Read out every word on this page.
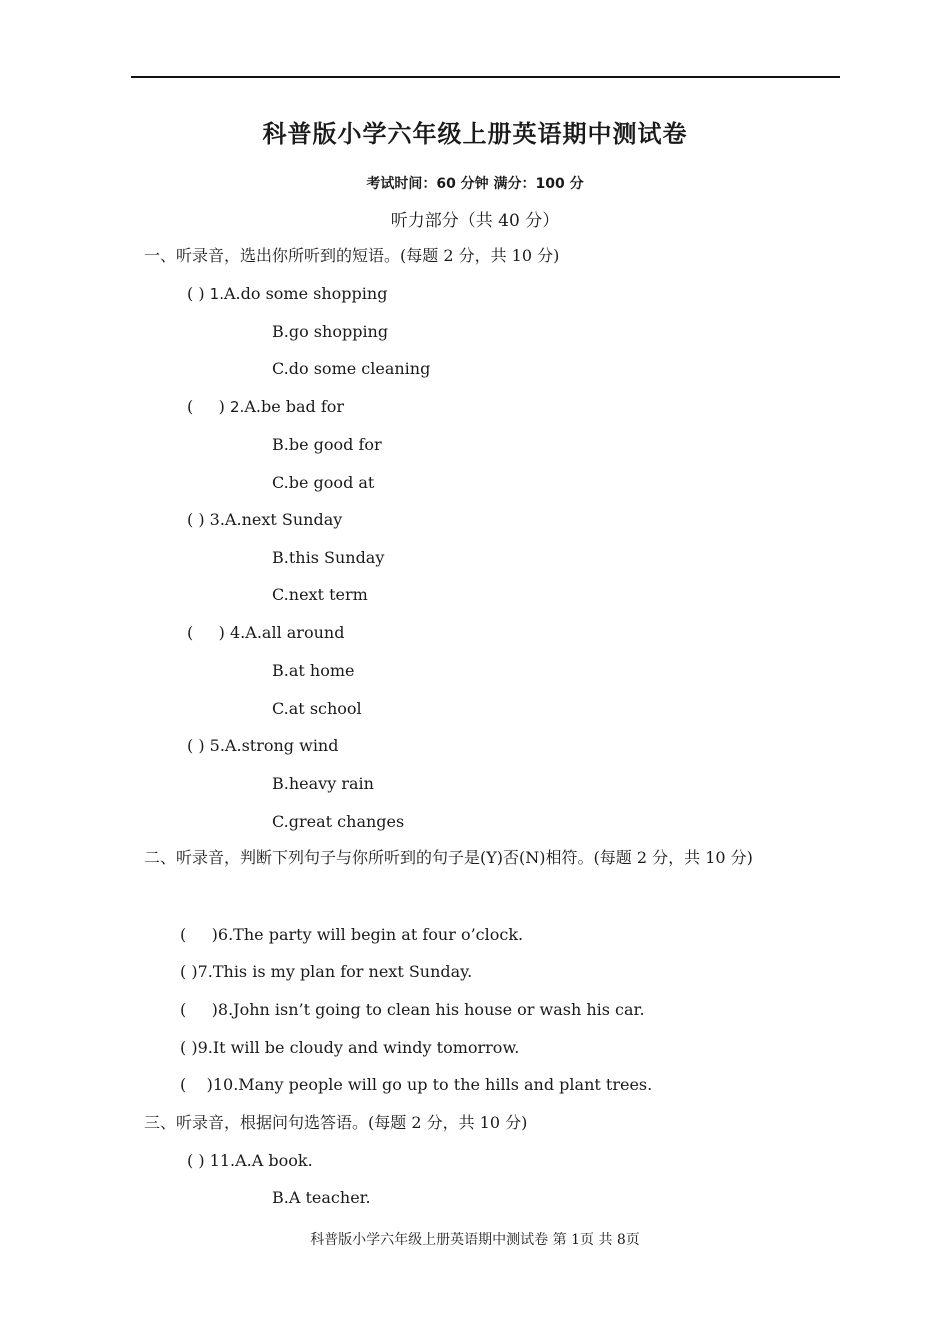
科普版小学六年级上册英语期中测试卷
考试时间：60 分钟 满分：100 分
听力部分（共 40 分）
一、听录音，选出你所听到的短语。(每题 2 分，共 10 分)
( ) 1.A.do some shopping
B.go shopping
C.do some cleaning
(     ) 2.A.be bad for
B.be good for
C.be good at
( ) 3.A.next Sunday
B.this Sunday
C.next term
(     ) 4.A.all around
B.at home
C.at school
( ) 5.A.strong wind
B.heavy rain
C.great changes
二、听录音，判断下列句子与你所听到的句子是(Y)否(N)相符。(每题 2 分，共 10 分)
(     )6.The party will begin at four o’clock.
( )7.This is my plan for next Sunday.
(     )8.John isn’t going to clean his house or wash his car.
( )9.It will be cloudy and windy tomorrow.
(    )10.Many people will go up to the hills and plant trees.
三、听录音，根据问句选答语。(每题 2 分，共 10 分)
( ) 11.A.A book.
B.A teacher.
科普版小学六年级上册英语期中测试卷 第 1页 共 8页
